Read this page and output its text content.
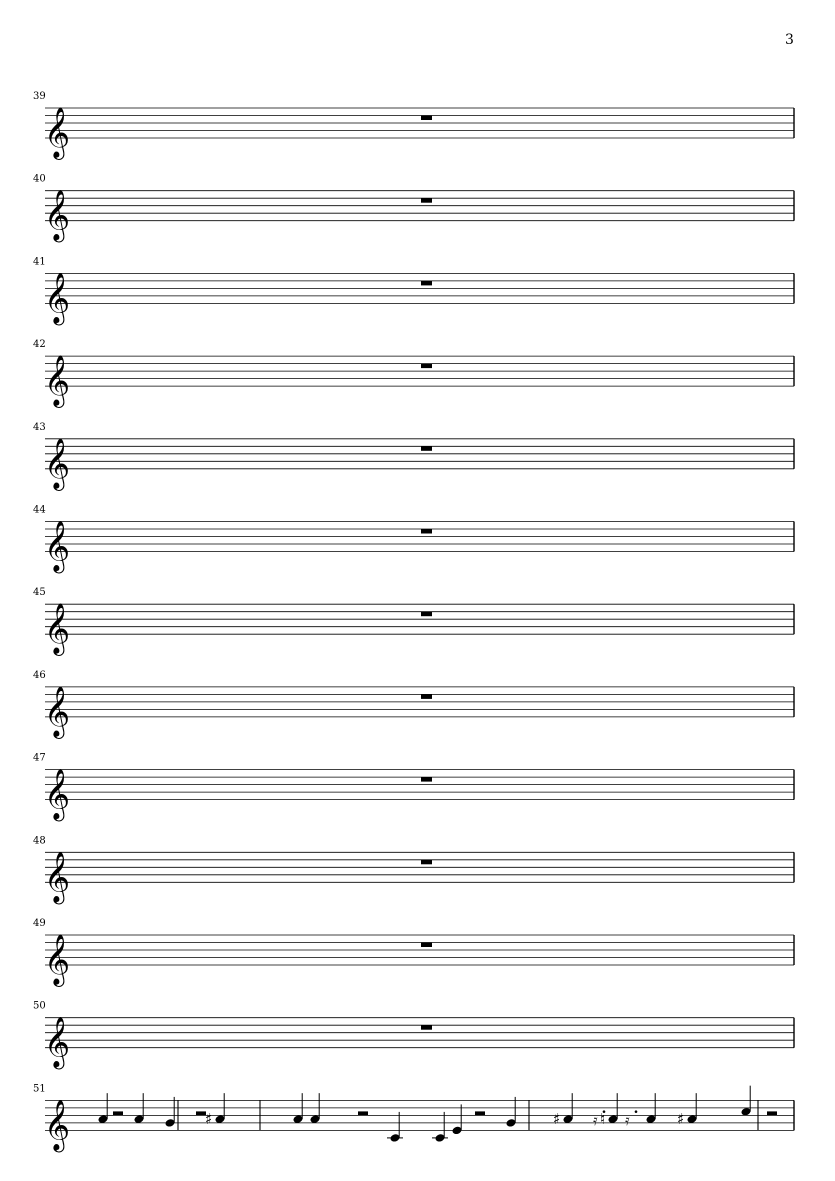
3
39
𝄞
40
𝄞
41
𝄞
42
𝄞
43
𝄞
44
𝄞
45
𝄞
46
𝄞
47
𝄞
48
𝄞
49
𝄞
50
𝄞
51
𝄞	♯	♯ 𝄿 ♮ 𝄿	♯
